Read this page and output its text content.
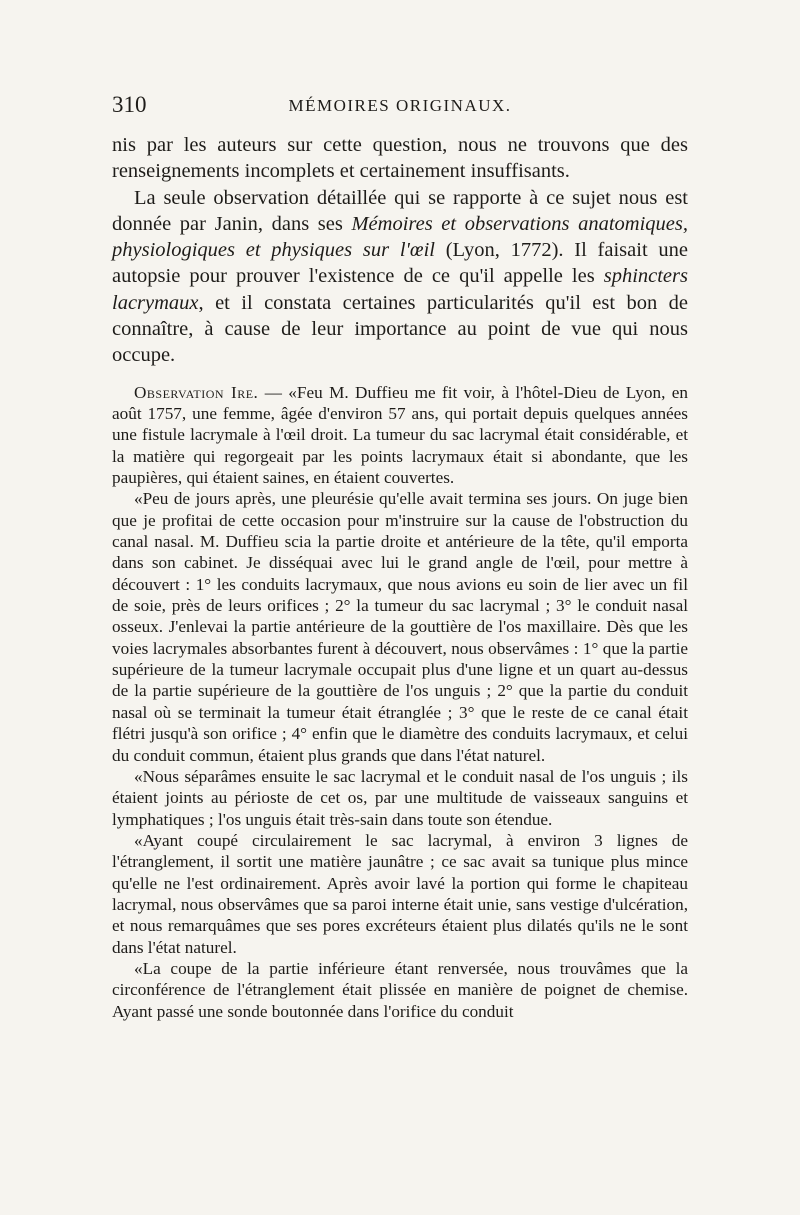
310	MÉMOIRES ORIGINAUX.

nis par les auteurs sur cette question, nous ne trouvons que des renseignements incomplets et certainement insuffisants.

La seule observation détaillée qui se rapporte à ce sujet nous est donnée par Janin, dans ses Mémoires et observations anatomiques, physiologiques et physiques sur l'œil (Lyon, 1772). Il faisait une autopsie pour prouver l'existence de ce qu'il appelle les sphincters lacrymaux, et il constata certaines particularités qu'il est bon de connaître, à cause de leur importance au point de vue qui nous occupe.

Observation Ire. — «Feu M. Duffieu me fit voir, à l'hôtel-Dieu de Lyon, en août 1757, une femme, âgée d'environ 57 ans, qui portait depuis quelques années une fistule lacrymale à l'œil droit. La tumeur du sac lacrymal était considérable, et la matière qui regorgeait par les points lacrymaux était si abondante, que les paupières, qui étaient saines, en étaient couvertes.

«Peu de jours après, une pleurésie qu'elle avait termina ses jours. On juge bien que je profitai de cette occasion pour m'instruire sur la cause de l'obstruction du canal nasal. M. Duffieu scia la partie droite et antérieure de la tête, qu'il emporta dans son cabinet. Je disséquai avec lui le grand angle de l'œil, pour mettre à découvert : 1° les conduits lacrymaux, que nous avions eu soin de lier avec un fil de soie, près de leurs orifices ; 2° la tumeur du sac lacrymal ; 3° le conduit nasal osseux. J'enlevai la partie antérieure de la gouttière de l'os maxillaire. Dès que les voies lacrymales absorbantes furent à découvert, nous observâmes : 1° que la partie supérieure de la tumeur lacrymale occupait plus d'une ligne et un quart au-dessus de la partie supérieure de la gouttière de l'os unguis ; 2° que la partie du conduit nasal où se terminait la tumeur était étranglée ; 3° que le reste de ce canal était flétri jusqu'à son orifice ; 4° enfin que le diamètre des conduits lacrymaux, et celui du conduit commun, étaient plus grands que dans l'état naturel.

«Nous séparâmes ensuite le sac lacrymal et le conduit nasal de l'os unguis ; ils étaient joints au périoste de cet os, par une multitude de vaisseaux sanguins et lymphatiques ; l'os unguis était très-sain dans toute son étendue.

«Ayant coupé circulairement le sac lacrymal, à environ 3 lignes de l'étranglement, il sortit une matière jaunâtre ; ce sac avait sa tunique plus mince qu'elle ne l'est ordinairement. Après avoir lavé la portion qui forme le chapiteau lacrymal, nous observâmes que sa paroi interne était unie, sans vestige d'ulcération, et nous remarquâmes que ses pores excréteurs étaient plus dilatés qu'ils ne le sont dans l'état naturel.

«La coupe de la partie inférieure étant renversée, nous trouvâmes que la circonférence de l'étranglement était plissée en manière de poignet de chemise. Ayant passé une sonde boutonnée dans l'orifice du conduit
